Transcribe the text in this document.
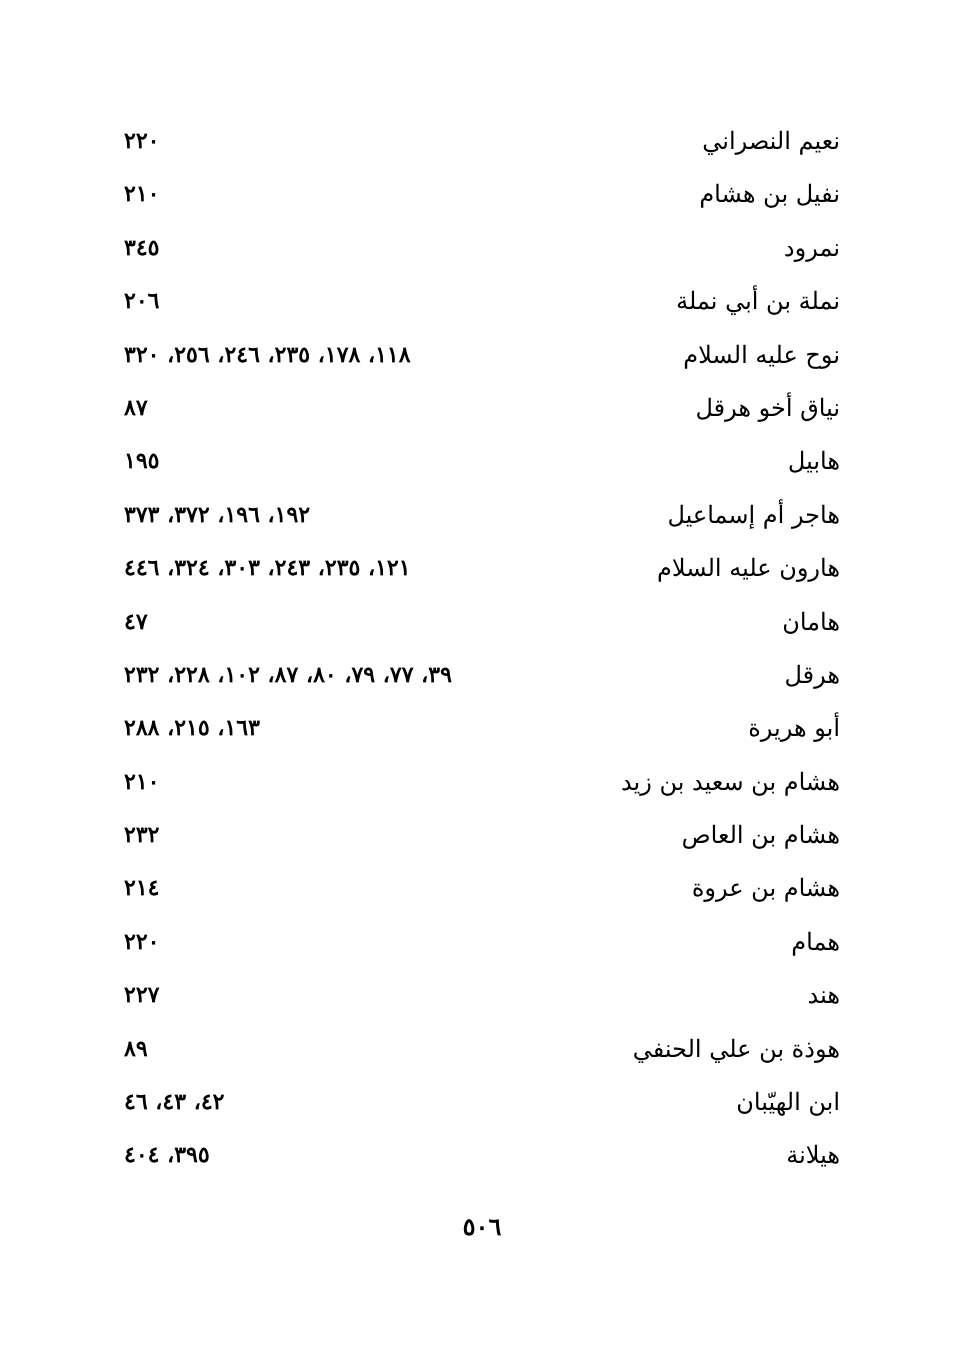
نعيم النصراني
٢٢٠
نفيل بن هشام
٢١٠
نمرود
٣٤٥
نملة بن أبي نملة
٢٠٦
نوح عليه السلام
١١٨، ١٧٨، ٢٣٥، ٢٤٦، ٢٥٦، ٣٢٠
نياق أخو هرقل
٨٧
هابيل
١٩٥
هاجر أم إسماعيل
١٩٢، ١٩٦، ٣٧٢، ٣٧٣
هارون عليه السلام
١٢١، ٢٣٥، ٢٤٣، ٣٠٣، ٣٢٤، ٤٤٦
هامان
٤٧
هرقل
٣٩، ٧٧، ٧٩، ٨٠، ٨٧، ١٠٢، ٢٢٨، ٢٣٢
أبو هريرة
١٦٣، ٢١٥، ٢٨٨
هشام بن سعيد بن زيد
٢١٠
هشام بن العاص
٢٣٢
هشام بن عروة
٢١٤
همام
٢٢٠
هند
٢٢٧
هوذة بن علي الحنفي
٨٩
ابن الهيّبان
٤٢، ٤٣، ٤٦
هيلانة
٣٩٥، ٤٠٤
٥٠٦
